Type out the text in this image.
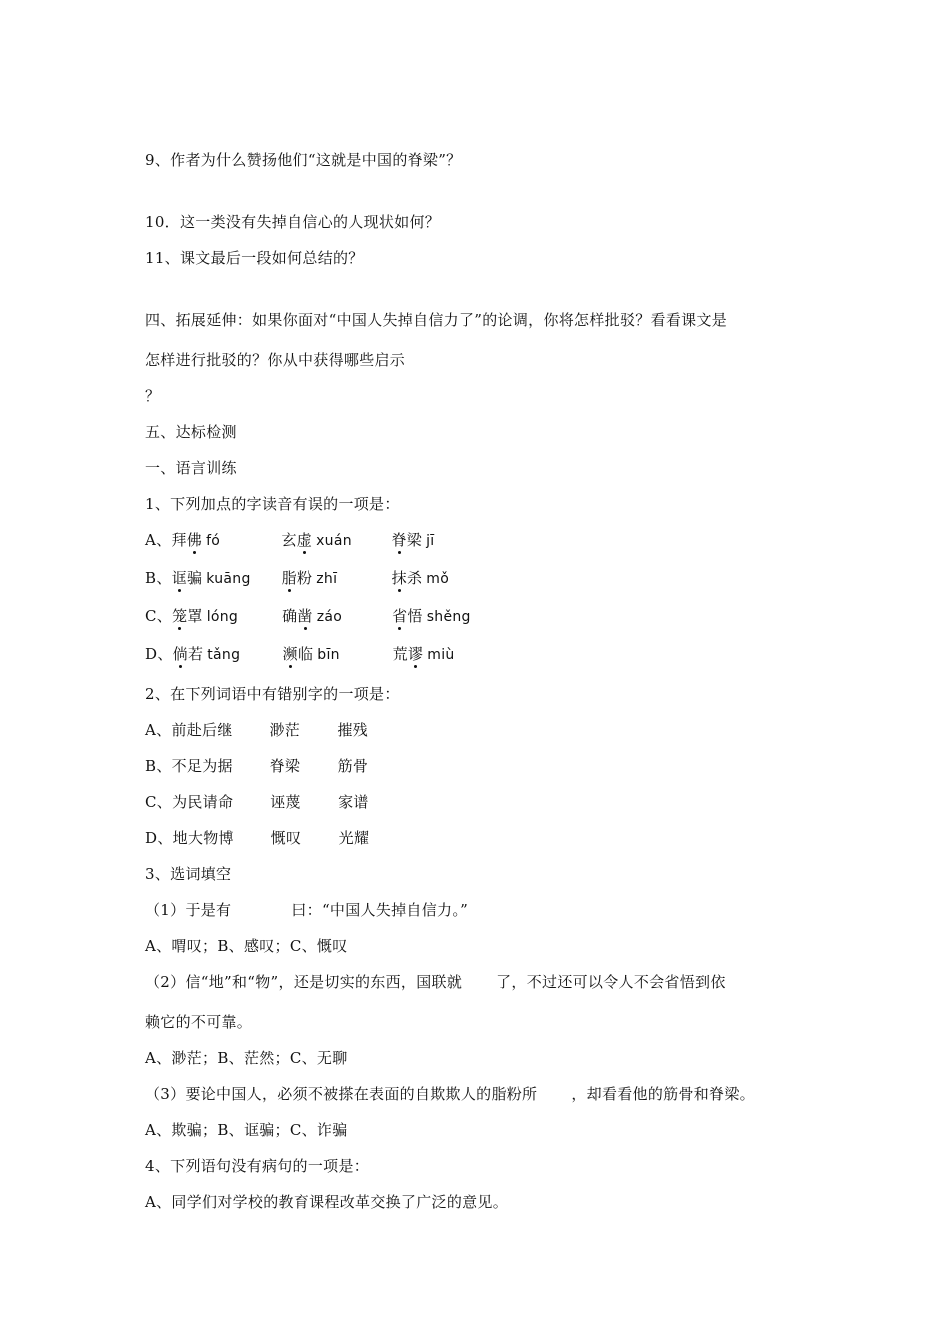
9、作者为什么赞扬他们“这就是中国的脊梁”？
10．这一类没有失掉自信心的人现状如何？
11、课文最后一段如何总结的？
四、拓展延伸：如果你面对“中国人失掉自信力了”的论调，你将怎样批驳？看看课文是
怎样进行批驳的？你从中获得哪些启示
？
五、达标检测
一、语言训练
1、下列加点的字读音有误的一项是：
A、拜佛 fó	玄虚 xuán	脊梁 jī
B、诓骗 kuāng 脂粉 zhī	抹杀 mǒ
C、笼罩 lóng	确凿 záo	省悟 shěng
D、倘若 tǎng	濒临 bīn	荒谬 miù
2、在下列词语中有错别字的一项是：
A、前赴后继 渺茫 摧残
B、不足为据 脊梁 筋骨
C、为民请命 诬蔑 家谱
D、地大物博 慨叹 光耀
3、选词填空
（1）于是有	曰：“中国人失掉自信力。”
A、喟叹；B、感叹；C、慨叹
（2）信“地”和“物”，还是切实的东西，国联就 了，不过还可以令人不会省悟到依
赖它的不可靠。
A、渺茫；B、茫然；C、无聊
（3）要论中国人，必须不被搽在表面的自欺欺人的脂粉所 ，却看看他的筋骨和脊梁。
A、欺骗；B、诓骗；C、诈骗
4、下列语句没有病句的一项是：
A、同学们对学校的教育课程改革交换了广泛的意见。
